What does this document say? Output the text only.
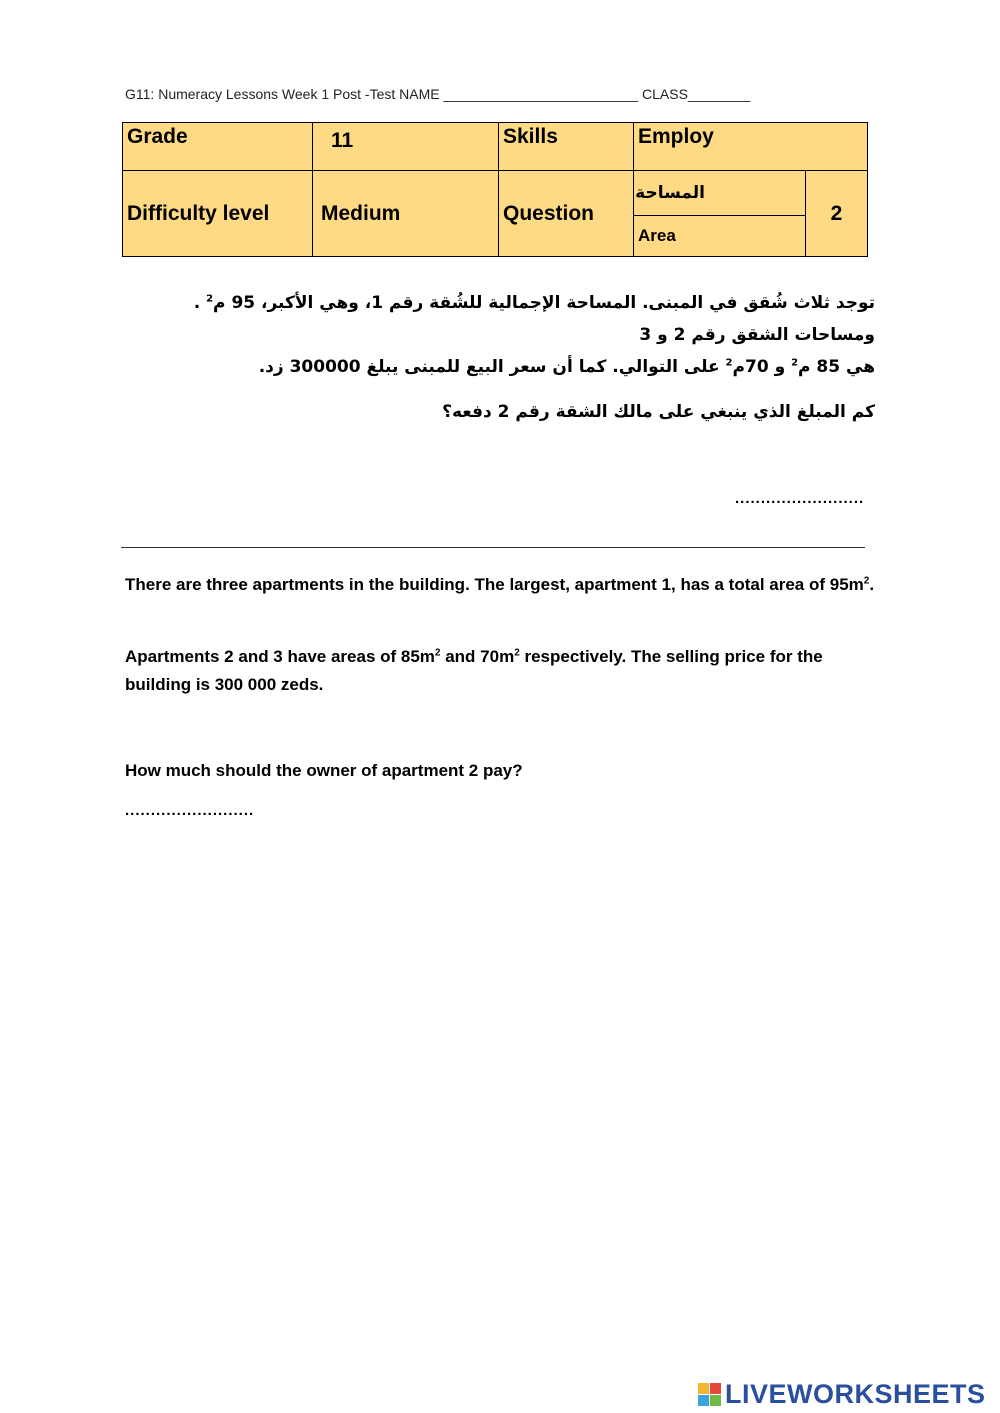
G11: Numeracy Lessons Week 1 Post -Test NAME _________________________ CLASS________
Grade	11	Skills	Employ	
Difficulty level	Medium	Question	المساحة	2
			Area	
توجد ثلاث شُقق في المبنى. المساحة الإجمالية للشُقة رقم 1، وهي الأكبر، 95 م$^2$ . ومساحات الشقق رقم 2 و 3
هي 85 م$^2$ و 70م$^2$ على التوالي. كما أن سعر البيع للمبنى يبلغ 300000 زد.
كم المبلغ الذي ينبغي على مالك الشقة رقم 2 دفعه؟
.........................
There are three apartments in the building. The largest, apartment 1, has a total area of $95m^2$.
Apartments 2 and 3 have areas of $85m^2$ and $70m^2$ respectively. The selling price for the building is 300 000 zeds.
How much should the owner of apartment 2 pay?
.........................
LIVEWORKSHEETS
